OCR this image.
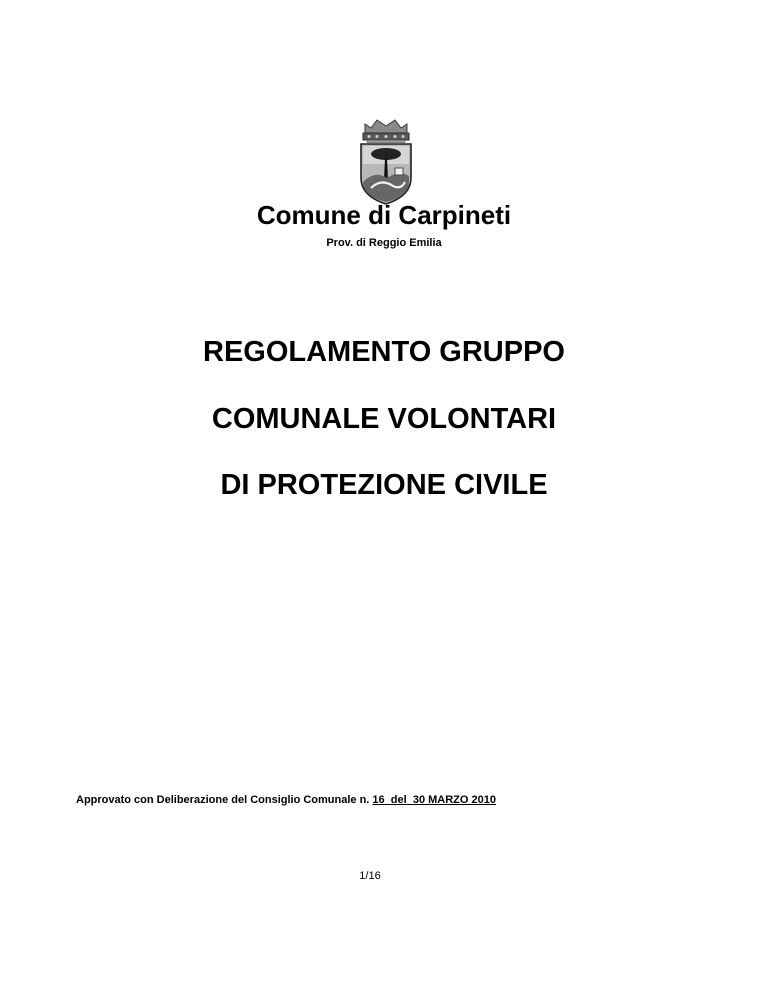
Comune di Carpineti
Prov. di Reggio Emilia
REGOLAMENTO GRUPPO
COMUNALE VOLONTARI
DI PROTEZIONE CIVILE
Approvato con Deliberazione del Consiglio Comunale n. 16 del 30 MARZO 2010
1/16
